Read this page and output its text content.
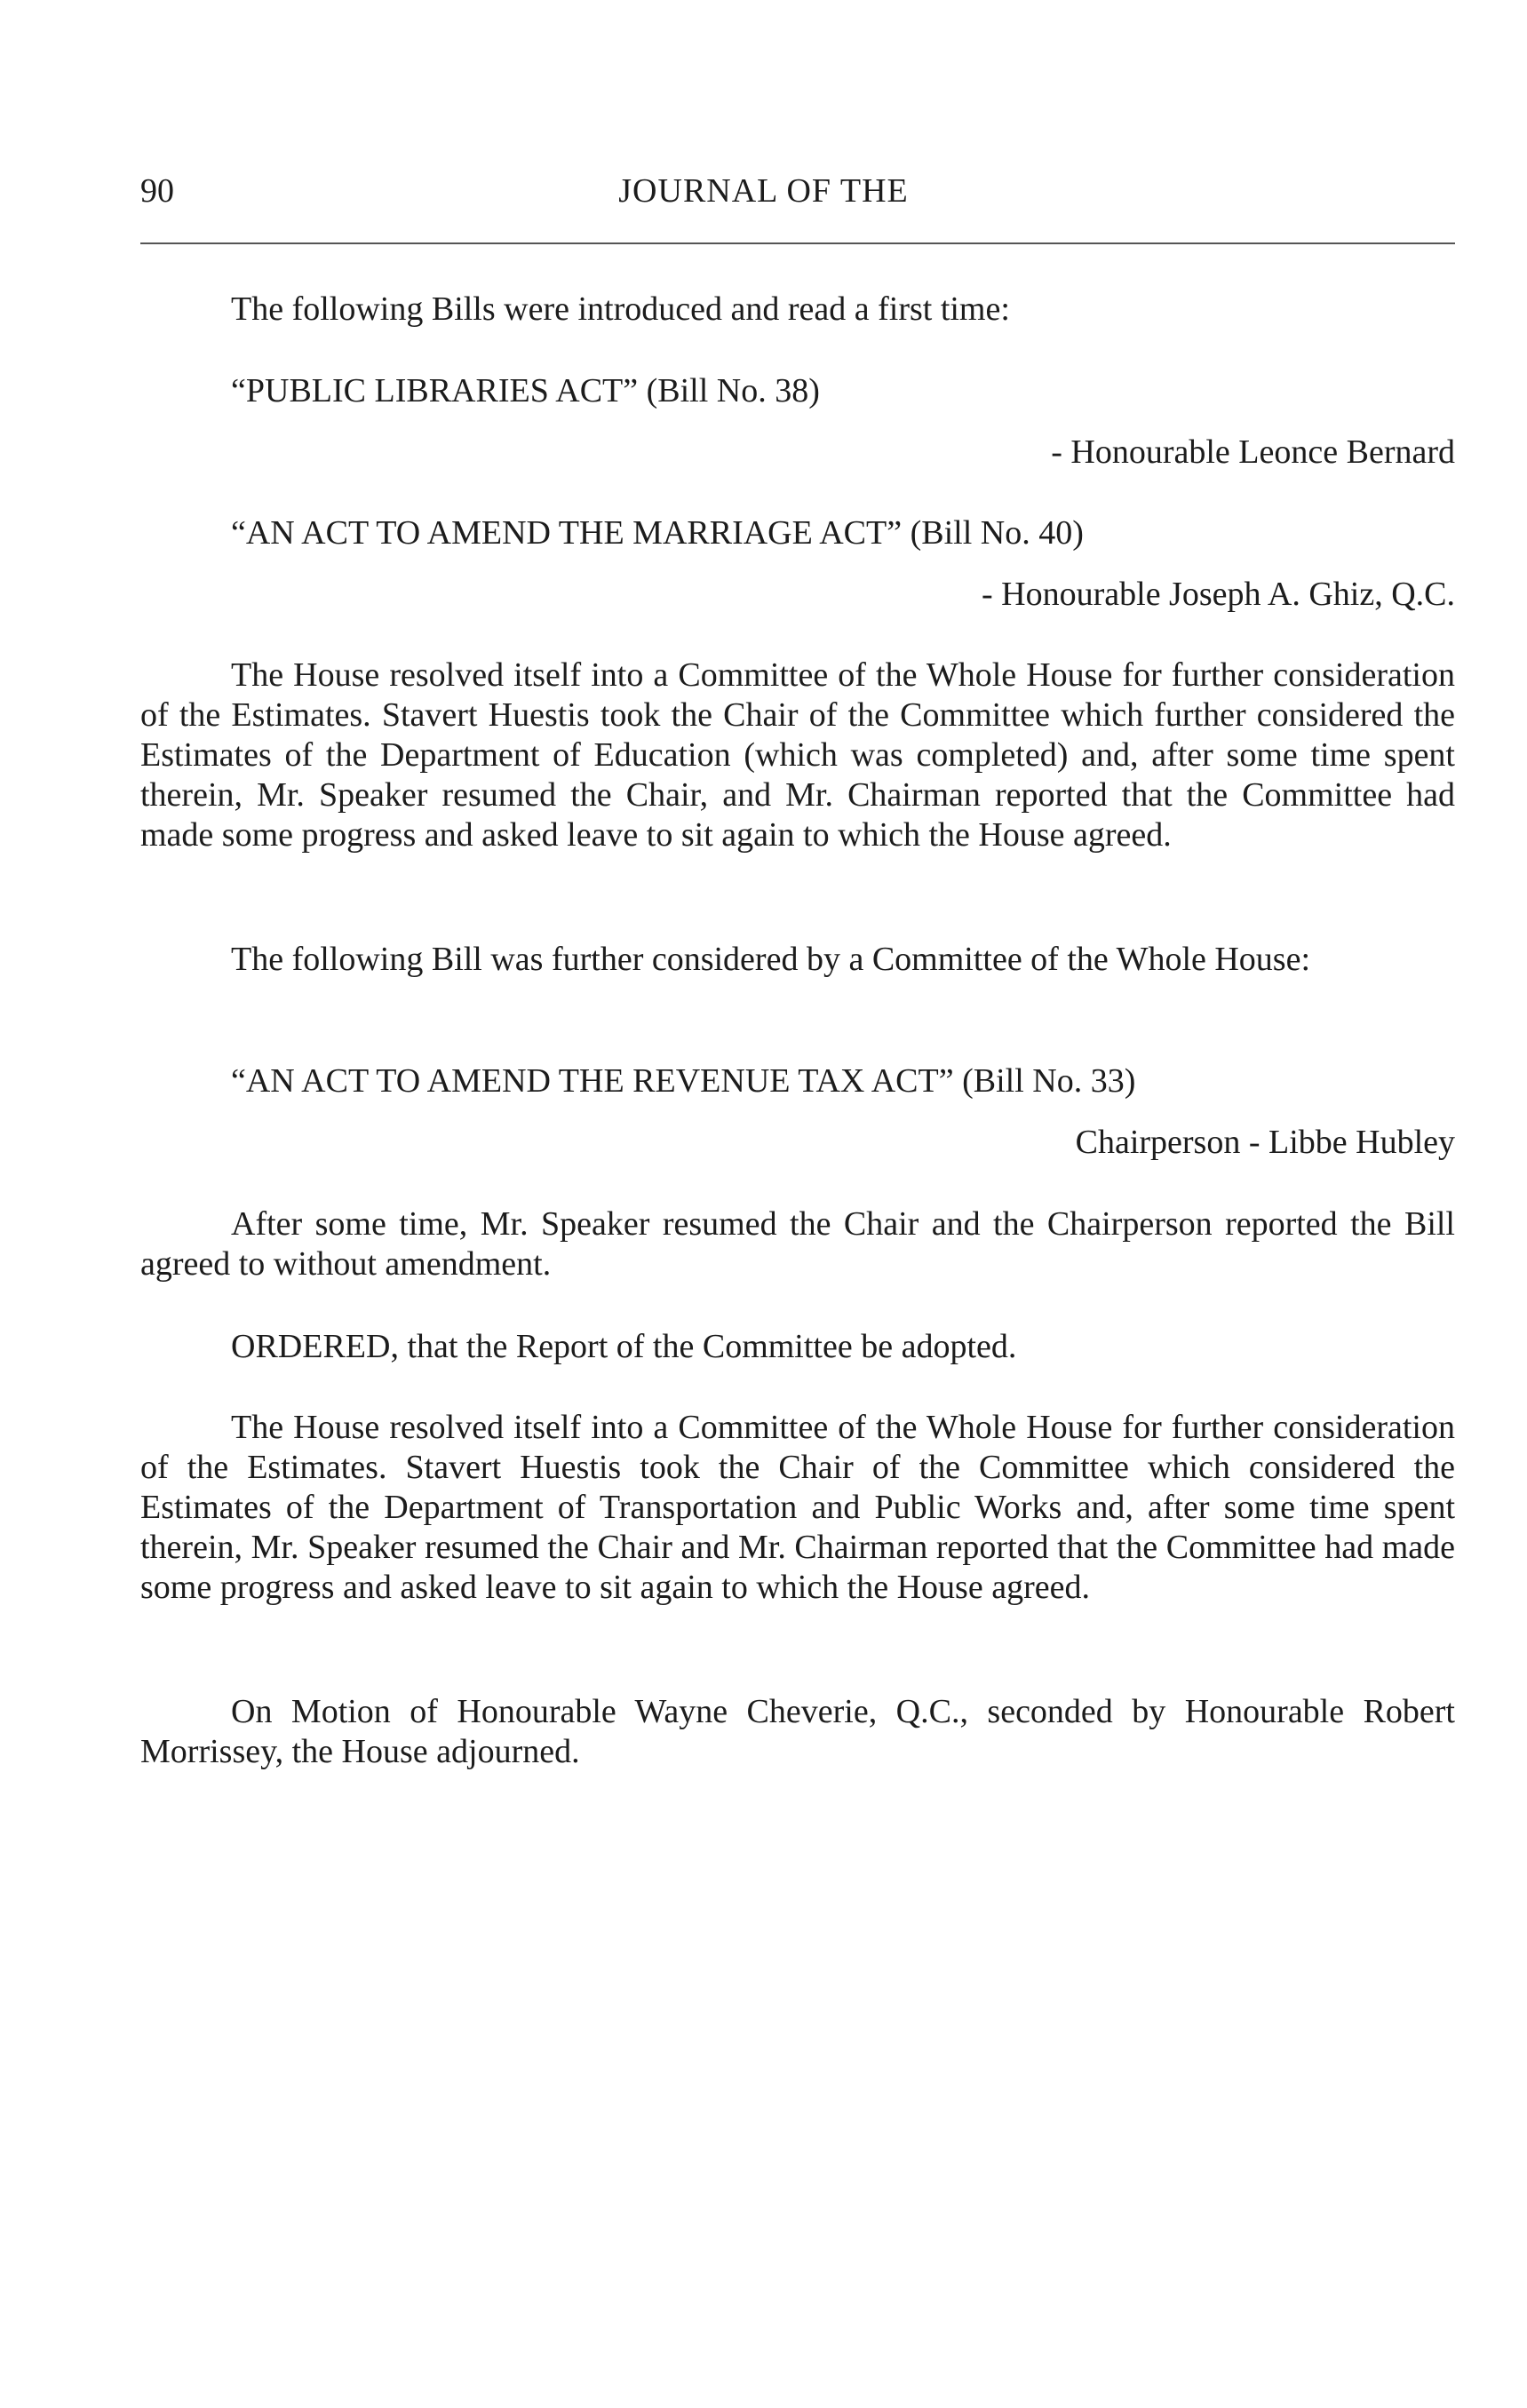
90	JOURNAL OF THE

The following Bills were introduced and read a first time:

“PUBLIC LIBRARIES ACT” (Bill No. 38)

- Honourable Leonce Bernard

“AN ACT TO AMEND THE MARRIAGE ACT” (Bill No. 40)

- Honourable Joseph A. Ghiz, Q.C.

The House resolved itself into a Committee of the Whole House for further consideration of the Estimates. Stavert Huestis took the Chair of the Committee which further considered the Estimates of the Department of Education (which was completed) and, after some time spent therein, Mr. Speaker resumed the Chair, and Mr. Chairman reported that the Committee had made some progress and asked leave to sit again to which the House agreed.

The following Bill was further considered by a Committee of the Whole House:

“AN ACT TO AMEND THE REVENUE TAX ACT” (Bill No. 33)

Chairperson - Libbe Hubley

After some time, Mr. Speaker resumed the Chair and the Chairperson reported the Bill agreed to without amendment.

ORDERED, that the Report of the Committee be adopted.

The House resolved itself into a Committee of the Whole House for further consideration of the Estimates. Stavert Huestis took the Chair of the Committee which considered the Estimates of the Department of Transportation and Public Works and, after some time spent therein, Mr. Speaker resumed the Chair and Mr. Chairman reported that the Committee had made some progress and asked leave to sit again to which the House agreed.

On Motion of Honourable Wayne Cheverie, Q.C., seconded by Honourable Robert Morrissey, the House adjourned.
